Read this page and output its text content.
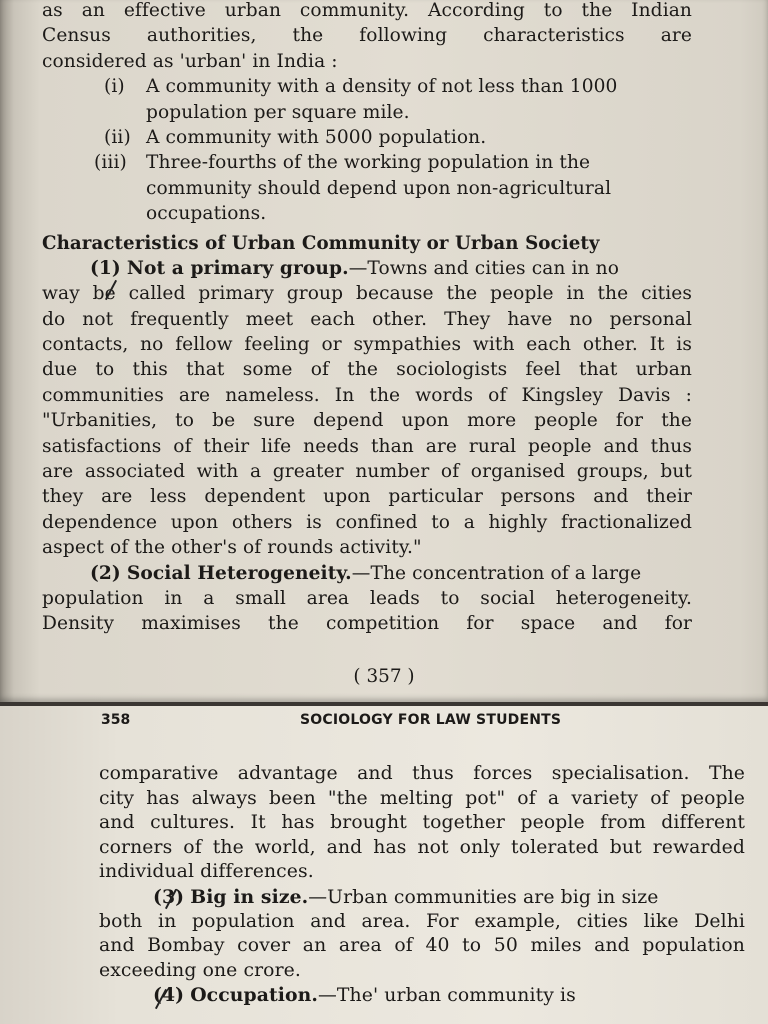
as an effective urban community. According to the Indian
Census authorities, the following characteristics are
considered as 'urban' in India :
(i) A community with a density of not less than 1000
population per square mile.
(ii) A community with 5000 population.
(iii) Three-fourths of the working population in the
community should depend upon non-agricultural
occupations.
Characteristics of Urban Community or Urban Society
(1) Not a primary group.—Towns and cities can in no
way be called primary group because the people in the cities
do not frequently meet each other. They have no personal
contacts, no fellow feeling or sympathies with each other. It is
due to this that some of the sociologists feel that urban
communities are nameless. In the words of Kingsley Davis :
"Urbanities, to be sure depend upon more people for the
satisfactions of their life needs than are rural people and thus
are associated with a greater number of organised groups, but
they are less dependent upon particular persons and their
dependence upon others is confined to a highly fractionalized
aspect of the other's of rounds activity."
(2) Social Heterogeneity.—The concentration of a large
population in a small area leads to social heterogeneity.
Density maximises the competition for space and for
( 357 )
358	SOCIOLOGY FOR LAW STUDENTS
comparative advantage and thus forces specialisation. The
city has always been "the melting pot" of a variety of people
and cultures. It has brought together people from different
corners of the world, and has not only tolerated but rewarded
individual differences.
(3) Big in size.—Urban communities are big in size
both in population and area. For example, cities like Delhi
and Bombay cover an area of 40 to 50 miles and population
exceeding one crore.
(4) Occupation.—The' urban community is
